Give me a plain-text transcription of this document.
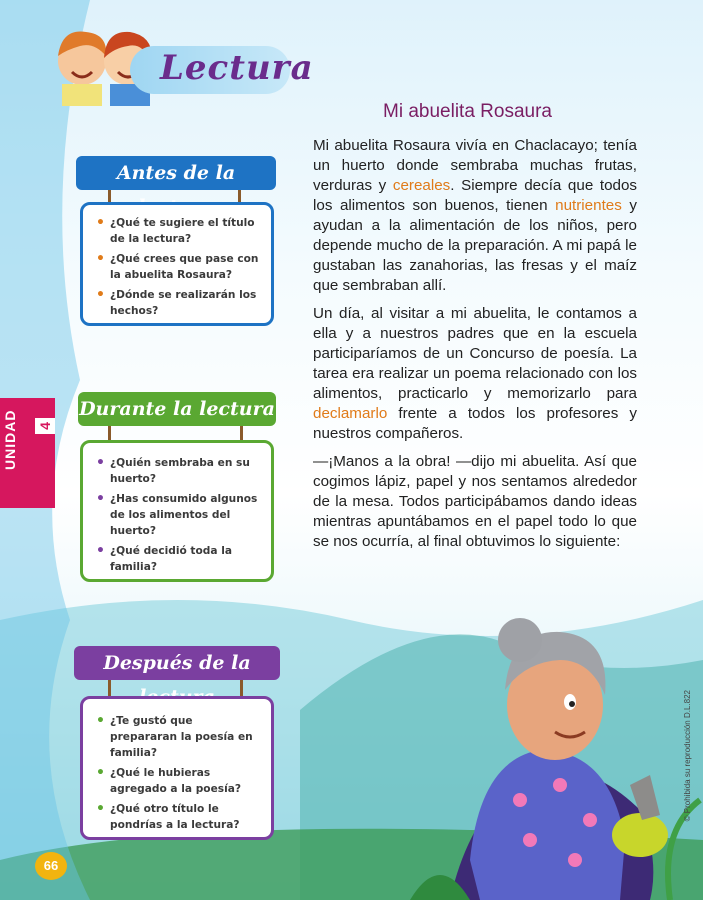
Lectura
Mi abuelita Rosaura

Mi abuelita Rosaura vivía en Chaclacayo; tenía un huerto donde sembraba muchas frutas, verduras y cereales. Siempre decía que todos los alimentos son buenos, tienen nutrientes y ayudan a la alimentación de los niños, pero depende mucho de la preparación. A mi papá le gustaban las zanahorias, las fresas y el maíz que sembraban allí.

Un día, al visitar a mi abuelita, le contamos a ella y a nuestros padres que en la escuela participaríamos de un Concurso de poesía. La tarea era realizar un poema relacionado con los alimentos, practicarlo y memorizarlo para declamarlo frente a todos los profesores y nuestros compañeros.

—¡Manos a la obra! —dijo mi abuelita. Así que cogimos lápiz, papel y nos sentamos alrededor de la mesa. Todos participábamos dando ideas mientras apuntábamos en el papel todo lo que se nos ocurría, al final obtuvimos lo siguiente:

Antes de la
• ¿Qué te sugiere el título de la lectura?
• ¿Qué crees que pase con la abuelita Rosaura?
• ¿Dónde se realizarán los hechos?
Durante la lectura
• ¿Quién sembraba en su huerto?
• ¿Has consumido algunos de los alimentos del huerto?
• ¿Qué decidió toda la familia?
Después de la
• ¿Te gustó que prepararan la poesía en familia?
• ¿Qué le hubieras agregado a la poesía?
• ¿Qué otro título le pondrías a la lectura?
UNIDAD 4
66
© Prohibida su reproducción D.L.822
